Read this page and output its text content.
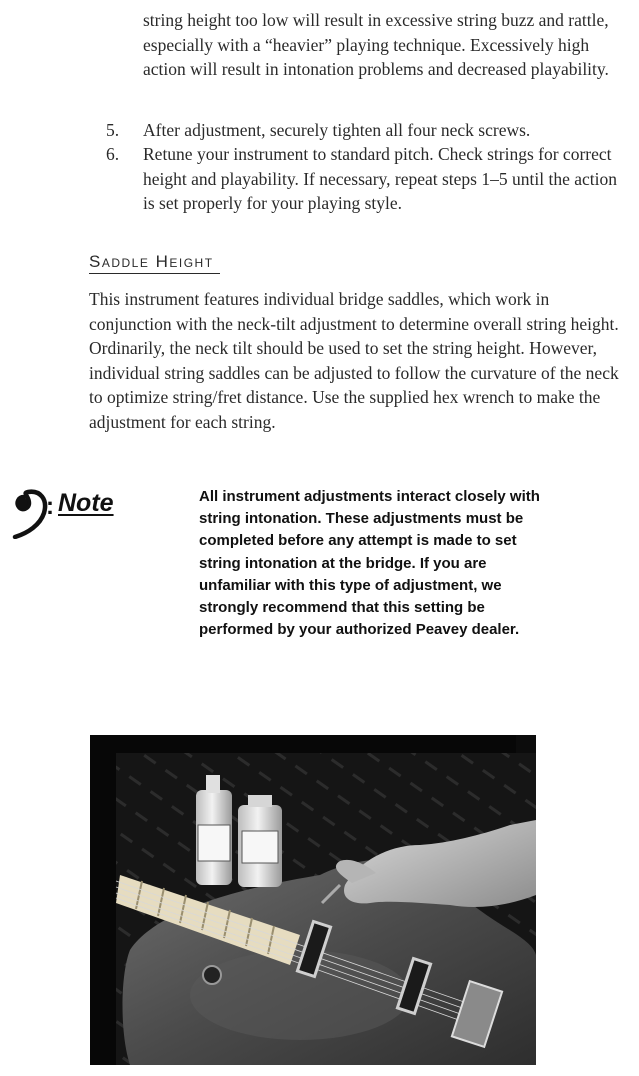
string height too low will result in excessive string buzz and rattle, especially with a “heavier” playing technique. Excessively high action will result in intonation problems and decreased playability.
5.	After adjustment, securely tighten all four neck screws.
6.	Retune your instrument to standard pitch. Check strings for correct height and playability. If necessary, repeat steps 1–5 until the action is set properly for your playing style.
Saddle Height
This instrument features individual bridge saddles, which work in conjunction with the neck-tilt adjustment to determine overall string height. Ordinarily, the neck tilt should be used to set the string height. However, individual string saddles can be adjusted to follow the curvature of the neck to optimize string/fret distance. Use the supplied hex wrench to make the adjustment for each string.
: Note	All instrument adjustments interact closely with string intonation. These adjustments must be completed before any attempt is made to set string intonation at the bridge. If you are unfamiliar with this type of adjustment, we strongly recommend that this setting be performed by your authorized Peavey dealer.
